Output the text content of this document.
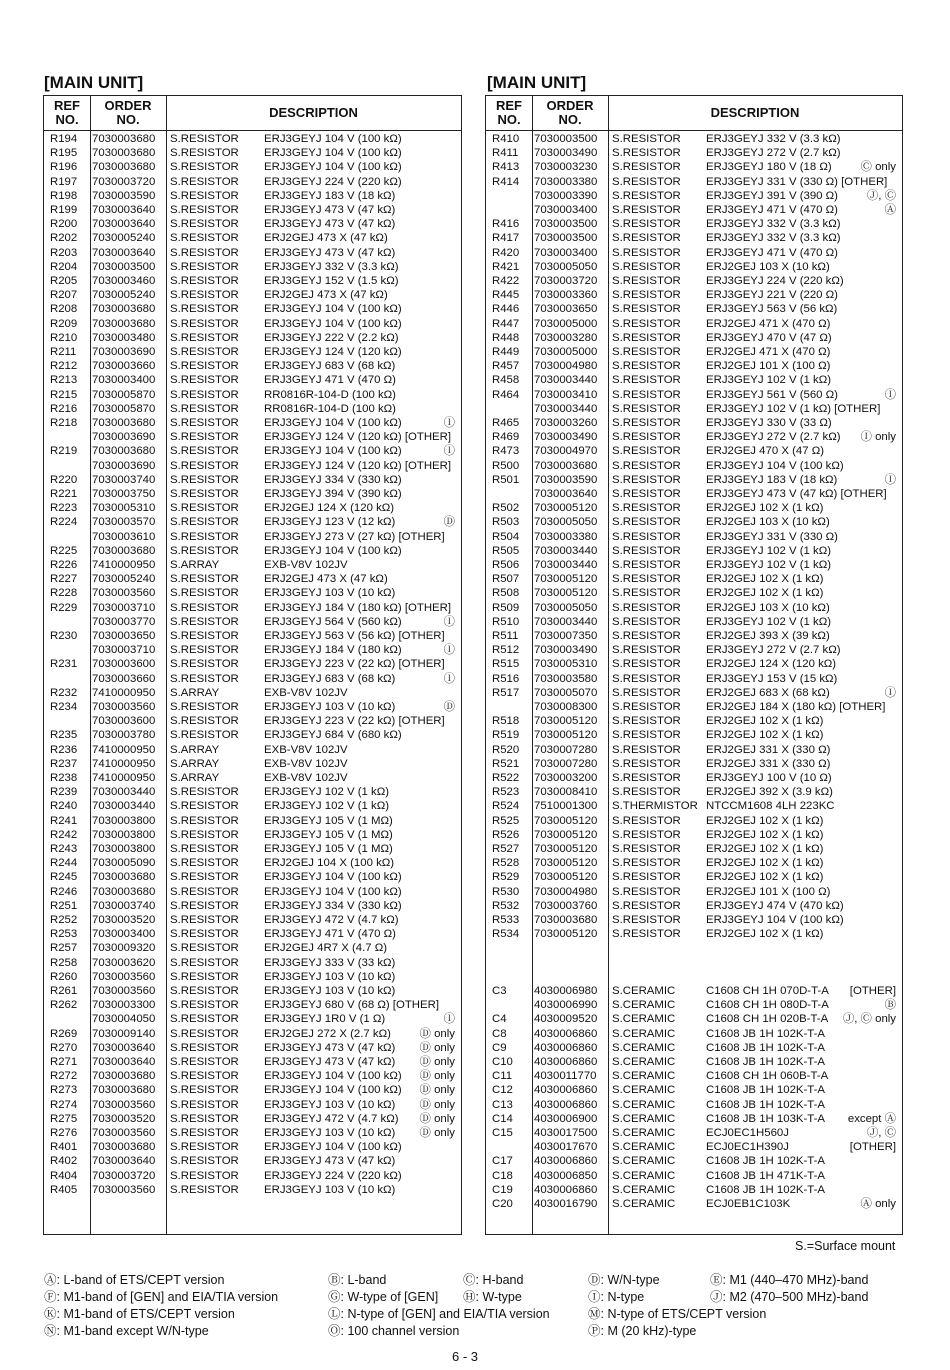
[MAIN UNIT]
REF NO.
ORDER NO.	DESCRIPTION
R194 7030003680 S.RESISTOR ERJ3GEYJ 104 V (100 kΩ)
R195 7030003680 S.RESISTOR ERJ3GEYJ 104 V (100 kΩ)
R196 7030003680 S.RESISTOR ERJ3GEYJ 104 V (100 kΩ)
R197 7030003720 S.RESISTOR ERJ3GEYJ 224 V (220 kΩ)
R198 7030003590 S.RESISTOR ERJ3GEYJ 183 V (18 kΩ)
R199 7030003640 S.RESISTOR ERJ3GEYJ 473 V (47 kΩ)
R200 7030003640 S.RESISTOR ERJ3GEYJ 473 V (47 kΩ)
R202 7030005240 S.RESISTOR ERJ2GEJ 473 X (47 kΩ)
R203 7030003640 S.RESISTOR ERJ3GEYJ 473 V (47 kΩ)
R204 7030003500 S.RESISTOR ERJ3GEYJ 332 V (3.3 kΩ)
R205 7030003460 S.RESISTOR ERJ3GEYJ 152 V (1.5 kΩ)
R207 7030005240 S.RESISTOR ERJ2GEJ 473 X (47 kΩ)
R208 7030003680 S.RESISTOR ERJ3GEYJ 104 V (100 kΩ)
R209 7030003680 S.RESISTOR ERJ3GEYJ 104 V (100 kΩ)
R210 7030003480 S.RESISTOR ERJ3GEYJ 222 V (2.2 kΩ)
R211 7030003690 S.RESISTOR ERJ3GEYJ 124 V (120 kΩ)
R212 7030003660 S.RESISTOR ERJ3GEYJ 683 V (68 kΩ)
R213 7030003400 S.RESISTOR ERJ3GEYJ 471 V (470 Ω)
R215 7030005870 S.RESISTOR RR0816R-104-D (100 kΩ)
R216 7030005870 S.RESISTOR RR0816R-104-D (100 kΩ)
R218 7030003680 S.RESISTOR ERJ3GEYJ 104 V (100 kΩ)	Ⓘ
7030003690 S.RESISTOR ERJ3GEYJ 124 V (120 kΩ) [OTHER]
R219 7030003680 S.RESISTOR ERJ3GEYJ 104 V (100 kΩ)	Ⓘ
7030003690 S.RESISTOR ERJ3GEYJ 124 V (120 kΩ) [OTHER]
R220 7030003740 S.RESISTOR ERJ3GEYJ 334 V (330 kΩ)
R221 7030003750 S.RESISTOR ERJ3GEYJ 394 V (390 kΩ)
R223 7030005310 S.RESISTOR ERJ2GEJ 124 X (120 kΩ)
R224 7030003570 S.RESISTOR ERJ3GEYJ 123 V (12 kΩ)	Ⓓ
7030003610 S.RESISTOR ERJ3GEYJ 273 V (27 kΩ) [OTHER]
R225 7030003680 S.RESISTOR ERJ3GEYJ 104 V (100 kΩ)
R226 7410000950 S.ARRAY	EXB-V8V 102JV
R227 7030005240 S.RESISTOR ERJ2GEJ 473 X (47 kΩ)
R228 7030003560 S.RESISTOR ERJ3GEYJ 103 V (10 kΩ)
R229 7030003710 S.RESISTOR ERJ3GEYJ 184 V (180 kΩ) [OTHER]
7030003770 S.RESISTOR ERJ3GEYJ 564 V (560 kΩ)	Ⓘ
R230 7030003650 S.RESISTOR ERJ3GEYJ 563 V (56 kΩ) [OTHER]
7030003710 S.RESISTOR ERJ3GEYJ 184 V (180 kΩ)	Ⓘ
R231 7030003600 S.RESISTOR ERJ3GEYJ 223 V (22 kΩ) [OTHER]
7030003660 S.RESISTOR ERJ3GEYJ 683 V (68 kΩ)	Ⓘ
R232 7410000950 S.ARRAY	EXB-V8V 102JV
R234 7030003560 S.RESISTOR ERJ3GEYJ 103 V (10 kΩ)	Ⓓ
7030003600 S.RESISTOR ERJ3GEYJ 223 V (22 kΩ) [OTHER]
R235 7030003780 S.RESISTOR ERJ3GEYJ 684 V (680 kΩ)
R236 7410000950 S.ARRAY	EXB-V8V 102JV
R237 7410000950 S.ARRAY	EXB-V8V 102JV
R238 7410000950 S.ARRAY	EXB-V8V 102JV
R239 7030003440 S.RESISTOR ERJ3GEYJ 102 V (1 kΩ)
R240 7030003440 S.RESISTOR ERJ3GEYJ 102 V (1 kΩ)
R241 7030003800 S.RESISTOR ERJ3GEYJ 105 V (1 MΩ)
R242 7030003800 S.RESISTOR ERJ3GEYJ 105 V (1 MΩ)
R243 7030003800 S.RESISTOR ERJ3GEYJ 105 V (1 MΩ)
R244 7030005090 S.RESISTOR ERJ2GEJ 104 X (100 kΩ)
R245 7030003680 S.RESISTOR ERJ3GEYJ 104 V (100 kΩ)
R246 7030003680 S.RESISTOR ERJ3GEYJ 104 V (100 kΩ)
R251 7030003740 S.RESISTOR ERJ3GEYJ 334 V (330 kΩ)
R252 7030003520 S.RESISTOR ERJ3GEYJ 472 V (4.7 kΩ)
R253 7030003400 S.RESISTOR ERJ3GEYJ 471 V (470 Ω)
R257 7030009320 S.RESISTOR ERJ2GEJ 4R7 X (4.7 Ω)
R258 7030003620 S.RESISTOR ERJ3GEYJ 333 V (33 kΩ)
R260 7030003560 S.RESISTOR ERJ3GEYJ 103 V (10 kΩ)
R261 7030003560 S.RESISTOR ERJ3GEYJ 103 V (10 kΩ)
R262 7030003300 S.RESISTOR ERJ3GEYJ 680 V (68 Ω) [OTHER]
7030004050 S.RESISTOR ERJ3GEYJ 1R0 V (1 Ω)	Ⓘ
R269 7030009140 S.RESISTOR ERJ2GEJ 272 X (2.7 kΩ)	Ⓓ only
R270 7030003640 S.RESISTOR ERJ3GEYJ 473 V (47 kΩ) Ⓓ only
R271 7030003640 S.RESISTOR ERJ3GEYJ 473 V (47 kΩ) Ⓓ only
R272 7030003680 S.RESISTOR ERJ3GEYJ 104 V (100 kΩ) Ⓓ only
R273 7030003680 S.RESISTOR ERJ3GEYJ 104 V (100 kΩ) Ⓓ only
R274 7030003560 S.RESISTOR ERJ3GEYJ 103 V (10 kΩ) Ⓓ only
R275 7030003520 S.RESISTOR ERJ3GEYJ 472 V (4.7 kΩ) Ⓓ only
R276 7030003560 S.RESISTOR ERJ3GEYJ 103 V (10 kΩ) Ⓓ only
R401 7030003680 S.RESISTOR ERJ3GEYJ 104 V (100 kΩ)
R402 7030003640 S.RESISTOR ERJ3GEYJ 473 V (47 kΩ)
R404 7030003720 S.RESISTOR ERJ3GEYJ 224 V (220 kΩ)
R405 7030003560 S.RESISTOR ERJ3GEYJ 103 V (10 kΩ)
[MAIN UNIT]
REF NO.
ORDER NO.	DESCRIPTION
R410 7030003500 S.RESISTOR ERJ3GEYJ 332 V (3.3 kΩ)
R411 7030003490 S.RESISTOR ERJ3GEYJ 272 V (2.7 kΩ)
R413 7030003230 S.RESISTOR ERJ3GEYJ 180 V (18 Ω)	Ⓒ only
R414 7030003380 S.RESISTOR ERJ3GEYJ 331 V (330 Ω) [OTHER]
7030003390 S.RESISTOR ERJ3GEYJ 391 V (390 Ω)	Ⓙ, Ⓒ
7030003400 S.RESISTOR ERJ3GEYJ 471 V (470 Ω)	Ⓐ
R416 7030003500 S.RESISTOR ERJ3GEYJ 332 V (3.3 kΩ)
R417 7030003500 S.RESISTOR ERJ3GEYJ 332 V (3.3 kΩ)
R420 7030003400 S.RESISTOR ERJ3GEYJ 471 V (470 Ω)
R421 7030005050 S.RESISTOR ERJ2GEJ 103 X (10 kΩ)
R422 7030003720 S.RESISTOR ERJ3GEYJ 224 V (220 kΩ)
R445 7030003360 S.RESISTOR ERJ3GEYJ 221 V (220 Ω)
R446 7030003650 S.RESISTOR ERJ3GEYJ 563 V (56 kΩ)
R447 7030005000 S.RESISTOR ERJ2GEJ 471 X (470 Ω)
R448 7030003280 S.RESISTOR ERJ3GEYJ 470 V (47 Ω)
R449 7030005000 S.RESISTOR ERJ2GEJ 471 X (470 Ω)
R457 7030004980 S.RESISTOR ERJ2GEJ 101 X (100 Ω)
R458 7030003440 S.RESISTOR ERJ3GEYJ 102 V (1 kΩ)
R464 7030003410 S.RESISTOR ERJ3GEYJ 561 V (560 Ω)	Ⓘ
7030003440 S.RESISTOR ERJ3GEYJ 102 V (1 kΩ) [OTHER]
R465 7030003260 S.RESISTOR ERJ3GEYJ 330 V (33 Ω)
R469 7030003490 S.RESISTOR ERJ3GEYJ 272 V (2.7 kΩ) Ⓘ only
R473 7030004970 S.RESISTOR ERJ2GEJ 470 X (47 Ω)
R500 7030003680 S.RESISTOR ERJ3GEYJ 104 V (100 kΩ)
R501 7030003590 S.RESISTOR ERJ3GEYJ 183 V (18 kΩ)	Ⓘ
7030003640 S.RESISTOR ERJ3GEYJ 473 V (47 kΩ) [OTHER]
R502 7030005120 S.RESISTOR ERJ2GEJ 102 X (1 kΩ)
R503 7030005050 S.RESISTOR ERJ2GEJ 103 X (10 kΩ)
R504 7030003380 S.RESISTOR ERJ3GEYJ 331 V (330 Ω)
R505 7030003440 S.RESISTOR ERJ3GEYJ 102 V (1 kΩ)
R506 7030003440 S.RESISTOR ERJ3GEYJ 102 V (1 kΩ)
R507 7030005120 S.RESISTOR ERJ2GEJ 102 X (1 kΩ)
R508 7030005120 S.RESISTOR ERJ2GEJ 102 X (1 kΩ)
R509 7030005050 S.RESISTOR ERJ2GEJ 103 X (10 kΩ)
R510 7030003440 S.RESISTOR ERJ3GEYJ 102 V (1 kΩ)
R511 7030007350 S.RESISTOR ERJ2GEJ 393 X (39 kΩ)
R512 7030003490 S.RESISTOR ERJ3GEYJ 272 V (2.7 kΩ)
R515 7030005310 S.RESISTOR ERJ2GEJ 124 X (120 kΩ)
R516 7030003580 S.RESISTOR ERJ3GEYJ 153 V (15 kΩ)
R517 7030005070 S.RESISTOR ERJ2GEJ 683 X (68 kΩ)	Ⓘ
7030008300 S.RESISTOR ERJ2GEJ 184 X (180 kΩ) [OTHER]
R518 7030005120 S.RESISTOR ERJ2GEJ 102 X (1 kΩ)
R519 7030005120 S.RESISTOR ERJ2GEJ 102 X (1 kΩ)
R520 7030007280 S.RESISTOR ERJ2GEJ 331 X (330 Ω)
R521 7030007280 S.RESISTOR ERJ2GEJ 331 X (330 Ω)
R522 7030003200 S.RESISTOR ERJ3GEYJ 100 V (10 Ω)
R523 7030008410 S.RESISTOR ERJ2GEJ 392 X (3.9 kΩ)
R524 7510001300 S.THERMISTOR NTCCM1608 4LH 223KC
R525 7030005120 S.RESISTOR ERJ2GEJ 102 X (1 kΩ)
R526 7030005120 S.RESISTOR ERJ2GEJ 102 X (1 kΩ)
R527 7030005120 S.RESISTOR ERJ2GEJ 102 X (1 kΩ)
R528 7030005120 S.RESISTOR ERJ2GEJ 102 X (1 kΩ)
R529 7030005120 S.RESISTOR ERJ2GEJ 102 X (1 kΩ)
R530 7030004980 S.RESISTOR ERJ2GEJ 101 X (100 Ω)
R532 7030003760 S.RESISTOR ERJ3GEYJ 474 V (470 kΩ)
R533 7030003680 S.RESISTOR ERJ3GEYJ 104 V (100 kΩ)
R534 7030005120 S.RESISTOR ERJ2GEJ 102 X (1 kΩ)
C3 4030006980 S.CERAMIC	C1608 CH 1H 070D-T-A [OTHER]
4030006990 S.CERAMIC	C1608 CH 1H 080D-T-A	Ⓑ
C4 4030009520 S.CERAMIC	C1608 CH 1H 020B-T-A Ⓙ, Ⓒ only
C8 4030006860 S.CERAMIC	C1608 JB 1H 102K-T-A
C9 4030006860 S.CERAMIC	C1608 JB 1H 102K-T-A
C10 4030006860 S.CERAMIC	C1608 JB 1H 102K-T-A
C11 4030011770 S.CERAMIC	C1608 CH 1H 060B-T-A
C12 4030006860 S.CERAMIC	C1608 JB 1H 102K-T-A
C13 4030006860 S.CERAMIC	C1608 JB 1H 102K-T-A
C14 4030006900 S.CERAMIC	C1608 JB 1H 103K-T-A except Ⓐ
C15 4030017500 S.CERAMIC	ECJ0EC1H560J	Ⓙ, Ⓒ
4030017670 S.CERAMIC	ECJ0EC1H390J	[OTHER]
C17 4030006860 S.CERAMIC	C1608 JB 1H 102K-T-A
C18 4030006850 S.CERAMIC	C1608 JB 1H 471K-T-A
C19 4030006860 S.CERAMIC	C1608 JB 1H 102K-T-A
C20 4030016790 S.CERAMIC	ECJ0EB1C103K	Ⓐ only
S.=Surface mount
Ⓐ: L-band of ETS/CEPT version	Ⓑ: L-band	Ⓒ: H-band	Ⓓ: W/N-type	Ⓔ: M1 (440–470 MHz)-band
Ⓕ: M1-band of [GEN] and EIA/TIA version	Ⓖ: W-type of [GEN] Ⓗ: W-type	Ⓘ: N-type	Ⓙ: M2 (470–500 MHz)-band
Ⓚ: M1-band of ETS/CEPT version	Ⓛ: N-type of [GEN] and EIA/TIA version	Ⓜ: N-type of ETS/CEPT version
Ⓝ: M1-band except W/N-type	Ⓞ: 100 channel version	Ⓟ: M (20 kHz)-type
6 - 3
